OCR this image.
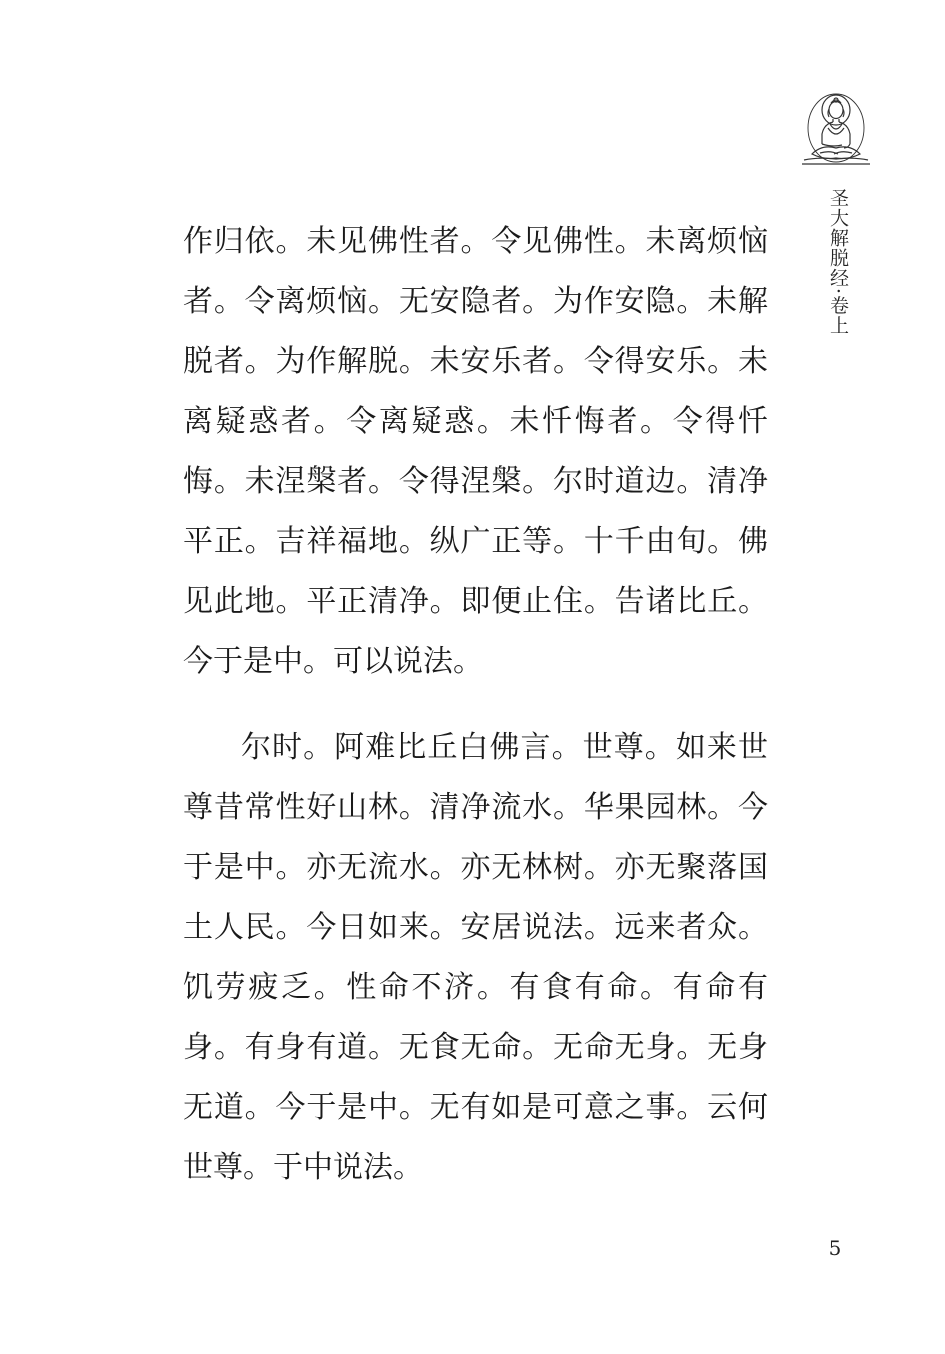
圣大解脱经·卷上

作归依。未见佛性者。令见佛性。未离烦恼者。令离烦恼。无安隐者。为作安隐。未解脱者。为作解脱。未安乐者。令得安乐。未离疑惑者。令离疑惑。未忏悔者。令得忏悔。未涅槃者。令得涅槃。尔时道边。清净平正。吉祥福地。纵广正等。十千由旬。佛见此地。平正清净。即便止住。告诸比丘。今于是中。可以说法。

尔时。阿难比丘白佛言。世尊。如来世尊昔常性好山林。清净流水。华果园林。今于是中。亦无流水。亦无林树。亦无聚落国土人民。今日如来。安居说法。远来者众。饥劳疲乏。性命不济。有食有命。有命有身。有身有道。无食无命。无命无身。无身无道。今于是中。无有如是可意之事。云何世尊。于中说法。

5
